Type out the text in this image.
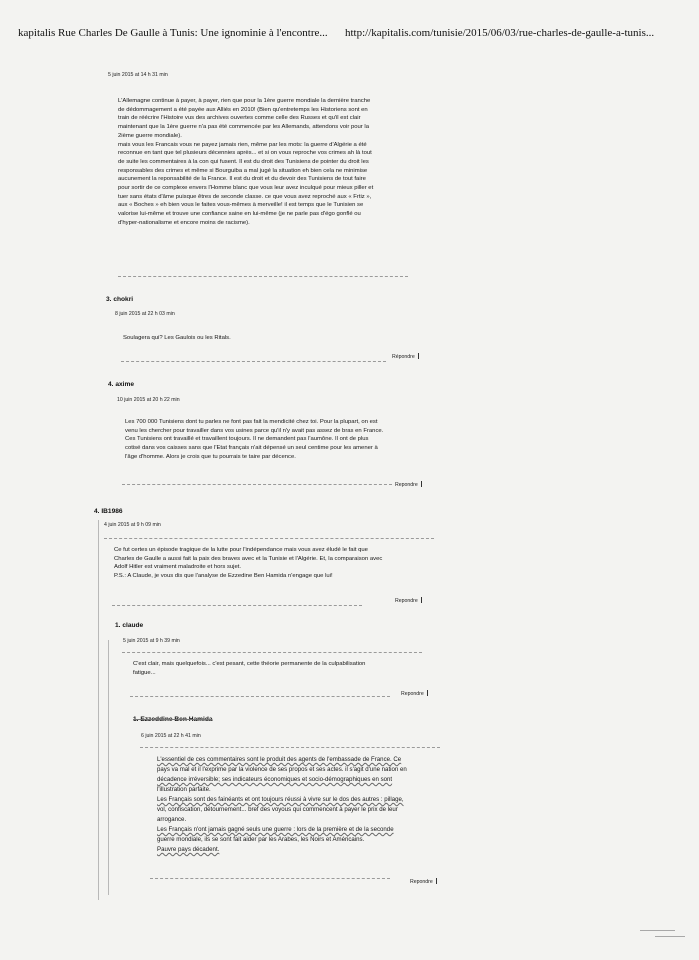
kapitalis Rue Charles De Gaulle à Tunis: Une ignominie à l'encontre... http://kapitalis.com/tunisie/2015/06/03/rue-charles-de-gaulle-a-tunis...
5 juin 2015 at 14 h 31 min

L'Allemagne continue à payer, à payer, rien que pour la 1ère guerre mondiale la dernière tranche

de dédommagement a été payée aux Alliés en 2010! (Bien qu'entretemps les Historiens sont en

train de réécrire l'Histoire vus des archives ouvertes comme celle des Russes et qu'il est clair

maintenant que la 1ère guerre n'a pas été commencée par les Allemands, attendons voir pour la

2ième guerre mondiale).

mais vous les Francais vous ne payez jamais rien, même par les mots: la guerre d'Algérie a été

reconnue en tant que tel plusieurs décennies après... et si on vous reproche vos crimes ah là tout

de suite les commentaires à la con qui fusent. Il est du droit des Tunisiens de pointer du droit les

responsables des crimes et même si Bourguiba a mal jugé la situation eh bien cela ne minimise

aucunement la reponsabilité de la France. Il est du droit et du devoir des Tunisiens de tout faire

pour sortir de ce complexe envers l'Homme blanc que vous leur avez inculqué pour mieux piller et

tuer sans états d'âme puisque êtres de seconde classe. ce que vous avez reproché aux « Frtiz »,

aux « Boches » eh bien vous le faites vous-mêmes à merveille! il est temps que le Tunisien se

valorise lui-même et trouve une confiance saine en lui-même (je ne parle pas d'égo gonflé ou

d'hyper-nationalisme et encore moins de racisme).

3. chokri
8 juin 2015 at 22 h 03 min

Soulagera qui? Les Gaulois ou les Ritals.

Répondre
4. axime
10 juin 2015 at 20 h 22 min

Les 700 000 Tunisiens dont tu parles ne font pas fait la mendicité chez toi. Pour la plupart, on est

venu les chercher pour travailler dans vos usines parce qu'il n'y avait pas assez de bras en France.

Ces Tunisiens ont travaillé et travaillent toujours. Il ne demandent pas l'aumône. Il ont de plus

cotisé dans vos caisses sans que l'Etat français n'ait dépensé un seul centime pour les amener à

l'âge d'homme. Alors je crois que tu pourrais te taire par décence.

Repondre
4. IB1986
4 juin 2015 at 9 h 09 min

Ce fut certes un épisode tragique de la lutte pour l'indépendance mais vous avez éludé le fait que

Charles de Gaulle a aussi fait la paix des braves avec et la Tunisie et l'Algérie. Et, la comparaison avec

Adolf Hitler est vraiment maladroite et hors sujet.

P.S.: A Claude, je vous dis que l'analyse de Ezzedine Ben Hamida n'engage que lui!

Repondre
1. claude
5 juin 2015 at 9 h 39 min

C'est clair, mais quelquefois... c'est pesant, cette théorie permanente de la culpabilisation

fatigue...

Repondre
1. Ezzeddine Ben Hamida
6 juin 2015 at 22 h 41 min

L'essentiel de ces commentaires sont le produit des agents de l'embassade de France. Ce

pays va mal et il l'exprime par la violence de ses propos et ses actes. il s'agit d'une nation en

décadence irréversible; ses indicateurs économiques et socio-démographiques en sont

l'illustration parfaite.

Les Français sont des fainéants et ont toujours réussi à vivre sur le dos des autres : pillage,

vol, confiscation, détournement... bref des voyous qui commencent à payer le prix de leur

arrogance.

Les Français n'ont jamais gagné seuls une guerre : lors de la première et de la seconde

guerre mondiale, ils se sont fait aider par les Arabes, les Noirs et Américains.

Pauvre pays décadent.

Repondre
